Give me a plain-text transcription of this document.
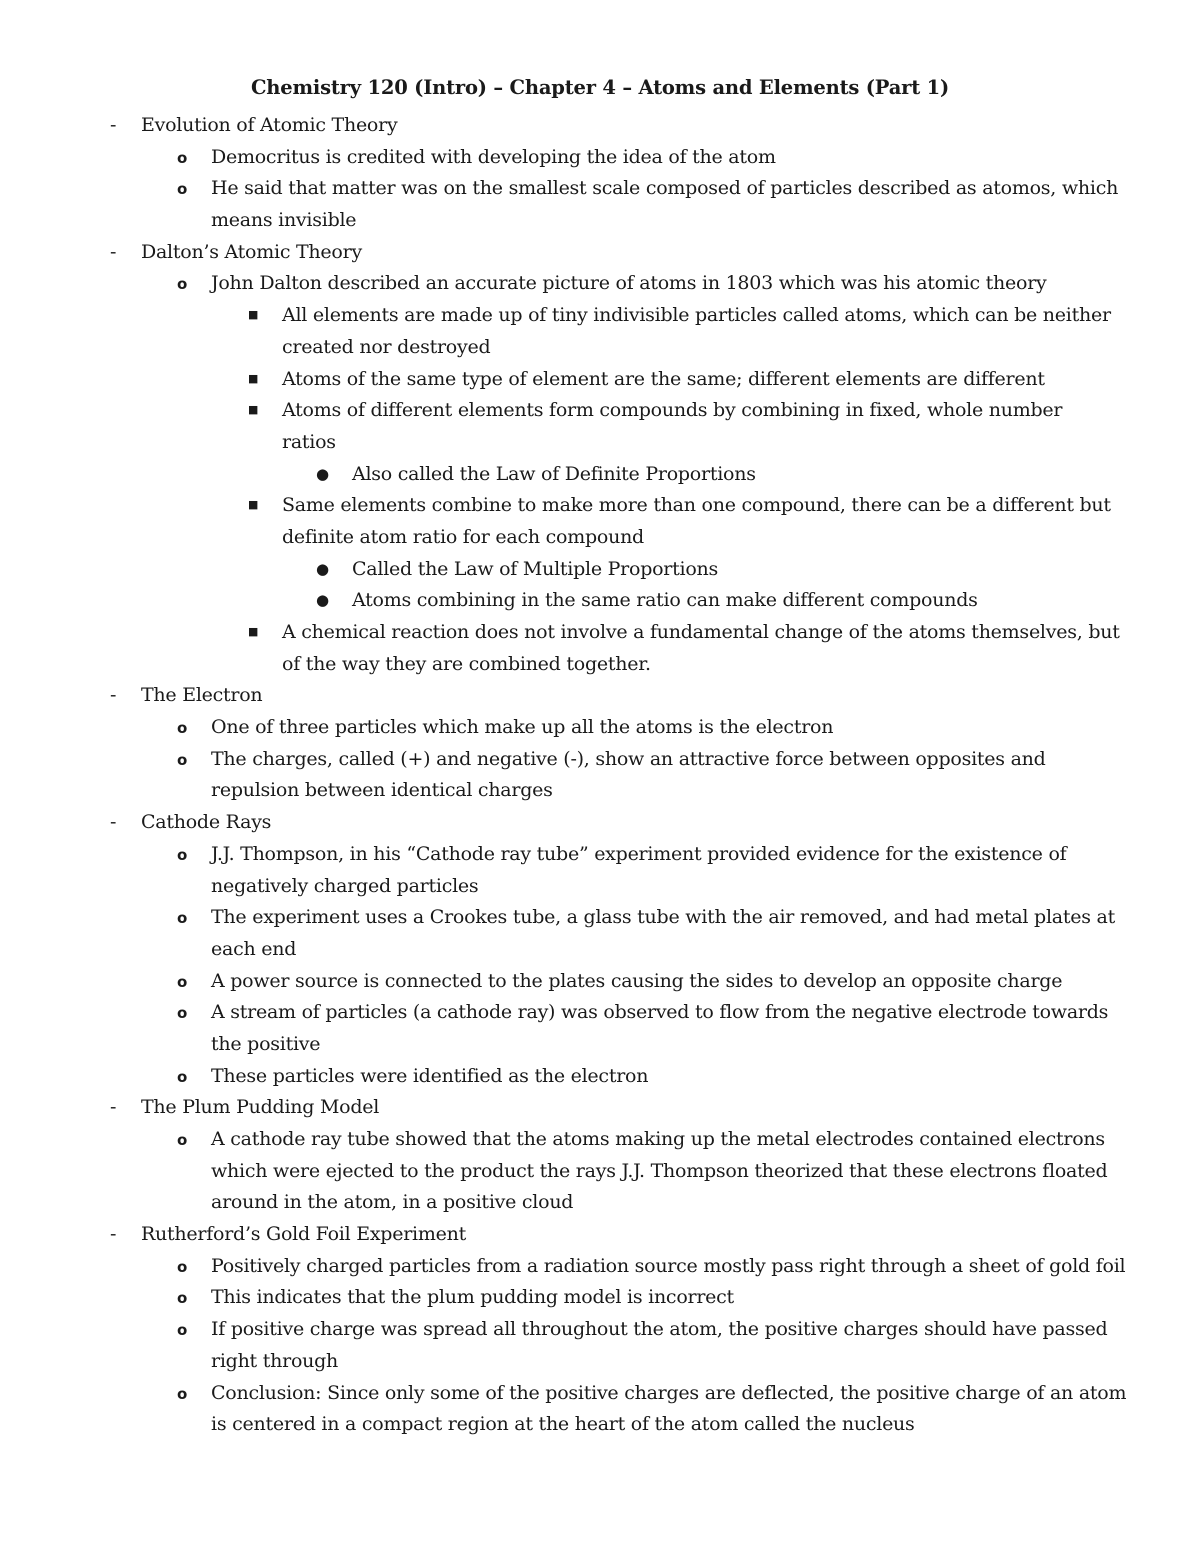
Chemistry 120 (Intro) – Chapter 4 – Atoms and Elements (Part 1)
- Evolution of Atomic Theory
o Democritus is credited with developing the idea of the atom
o He said that matter was on the smallest scale composed of particles described as atomos, which
means invisible
- Dalton’s Atomic Theory
o John Dalton described an accurate picture of atoms in 1803 which was his atomic theory
■ All elements are made up of tiny indivisible particles called atoms, which can be neither
created nor destroyed
■ Atoms of the same type of element are the same; different elements are different
■ Atoms of different elements form compounds by combining in fixed, whole number
ratios
● Also called the Law of Definite Proportions
■ Same elements combine to make more than one compound, there can be a different but
definite atom ratio for each compound
● Called the Law of Multiple Proportions
● Atoms combining in the same ratio can make different compounds
■ A chemical reaction does not involve a fundamental change of the atoms themselves, but
of the way they are combined together.
- The Electron
o One of three particles which make up all the atoms is the electron
o The charges, called (+) and negative (-), show an attractive force between opposites and
repulsion between identical charges
- Cathode Rays
o J.J. Thompson, in his “Cathode ray tube” experiment provided evidence for the existence of
negatively charged particles
o The experiment uses a Crookes tube, a glass tube with the air removed, and had metal plates at
each end
o A power source is connected to the plates causing the sides to develop an opposite charge
o A stream of particles (a cathode ray) was observed to flow from the negative electrode towards
the positive
o These particles were identified as the electron
- The Plum Pudding Model
o A cathode ray tube showed that the atoms making up the metal electrodes contained electrons
which were ejected to the product the rays J.J. Thompson theorized that these electrons floated
around in the atom, in a positive cloud
- Rutherford’s Gold Foil Experiment
o Positively charged particles from a radiation source mostly pass right through a sheet of gold foil
o This indicates that the plum pudding model is incorrect
o If positive charge was spread all throughout the atom, the positive charges should have passed
right through
o Conclusion: Since only some of the positive charges are deflected, the positive charge of an atom
is centered in a compact region at the heart of the atom called the nucleus
